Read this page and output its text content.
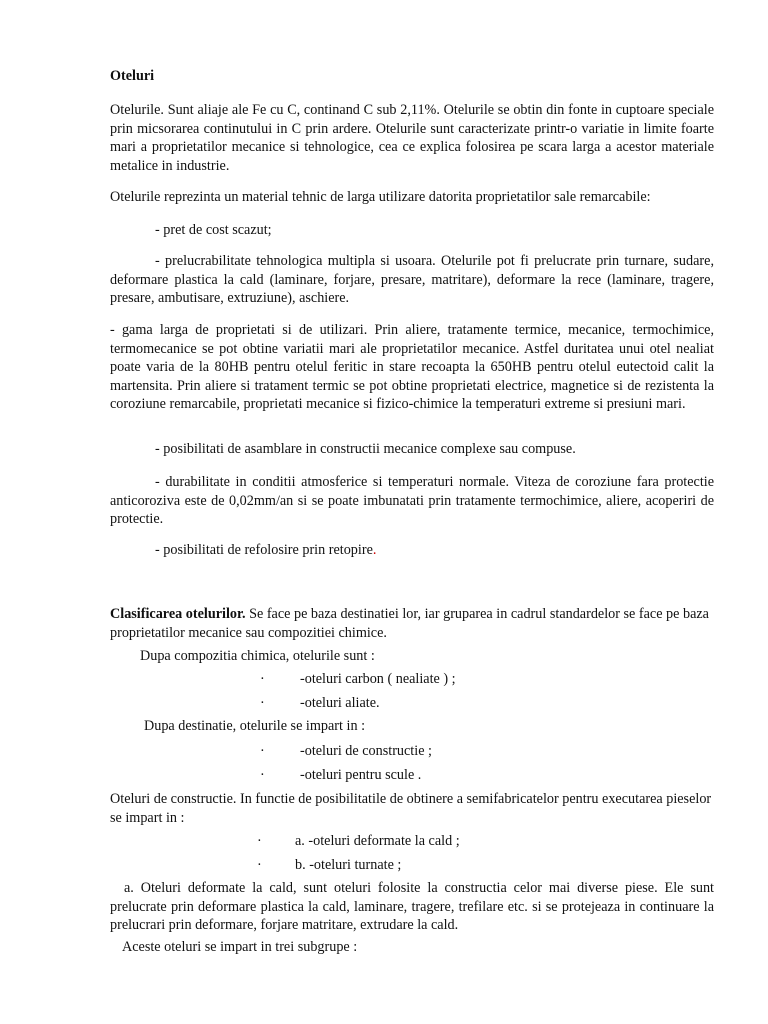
Oteluri

Otelurile. Sunt aliaje ale Fe cu C, continand C sub 2,11%. Otelurile se obtin din fonte in cuptoare speciale prin micsorarea continutului in C prin ardere. Otelurile sunt caracterizate printr-o variatie in limite foarte mari a proprietatilor mecanice si tehnologice, cea ce explica folosirea pe scara larga a acestor materiale metalice in industrie.

Otelurile reprezinta un material tehnic de larga utilizare datorita proprietatilor sale remarcabile:

- pret de cost scazut;

- prelucrabilitate tehnologica multipla si usoara. Otelurile pot fi prelucrate prin turnare, sudare, deformare plastica la cald (laminare, forjare, presare, matritare), deformare la rece (laminare, tragere, presare, ambutisare, extruziune), aschiere.

- gama larga de proprietati si de utilizari. Prin aliere, tratamente termice, mecanice, termochimice, termomecanice se pot obtine variatii mari ale proprietatilor mecanice. Astfel duritatea unui otel nealiat poate varia de la 80HB pentru otelul feritic in stare recoapta la 650HB pentru otelul eutectoid calit la martensita. Prin aliere si tratament termic se pot obtine proprietati electrice, magnetice si de rezistenta la coroziune remarcabile, proprietati mecanice si fizico-chimice la temperaturi extreme si presiuni mari.

- posibilitati de asamblare in constructii mecanice complexe sau compuse.

- durabilitate in conditii atmosferice si temperaturi normale. Viteza de coroziune fara protectie anticoroziva este de 0,02mm/an si se poate imbunatati prin tratamente termochimice, aliere, acoperiri de protectie.

- posibilitati de refolosire prin retopire.

Clasificarea otelurilor. Se face pe baza destinatiei lor, iar gruparea in cadrul standardelor se face pe baza proprietatilor mecanice sau compozitiei chimice.

Dupa compozitia chimica, otelurile sunt :

· -oteluri carbon ( nealiate ) ;
· -oteluri aliate.

Dupa destinatie, otelurile se impart in :

· -oteluri de constructie ;
· -oteluri pentru scule .

Oteluri de constructie. In functie de posibilitatile de obtinere a semifabricatelor pentru executarea pieselor se impart in :

· a. -oteluri deformate la cald ;
· b. -oteluri turnate ;

a. Oteluri deformate la cald, sunt oteluri folosite la constructia celor mai diverse piese. Ele sunt prelucrate prin deformare plastica la cald, laminare, tragere, trefilare etc. si se protejeaza in continuare la prelucrari prin deformare, forjare matritare, extrudare la cald.

Aceste oteluri se impart in trei subgrupe :
